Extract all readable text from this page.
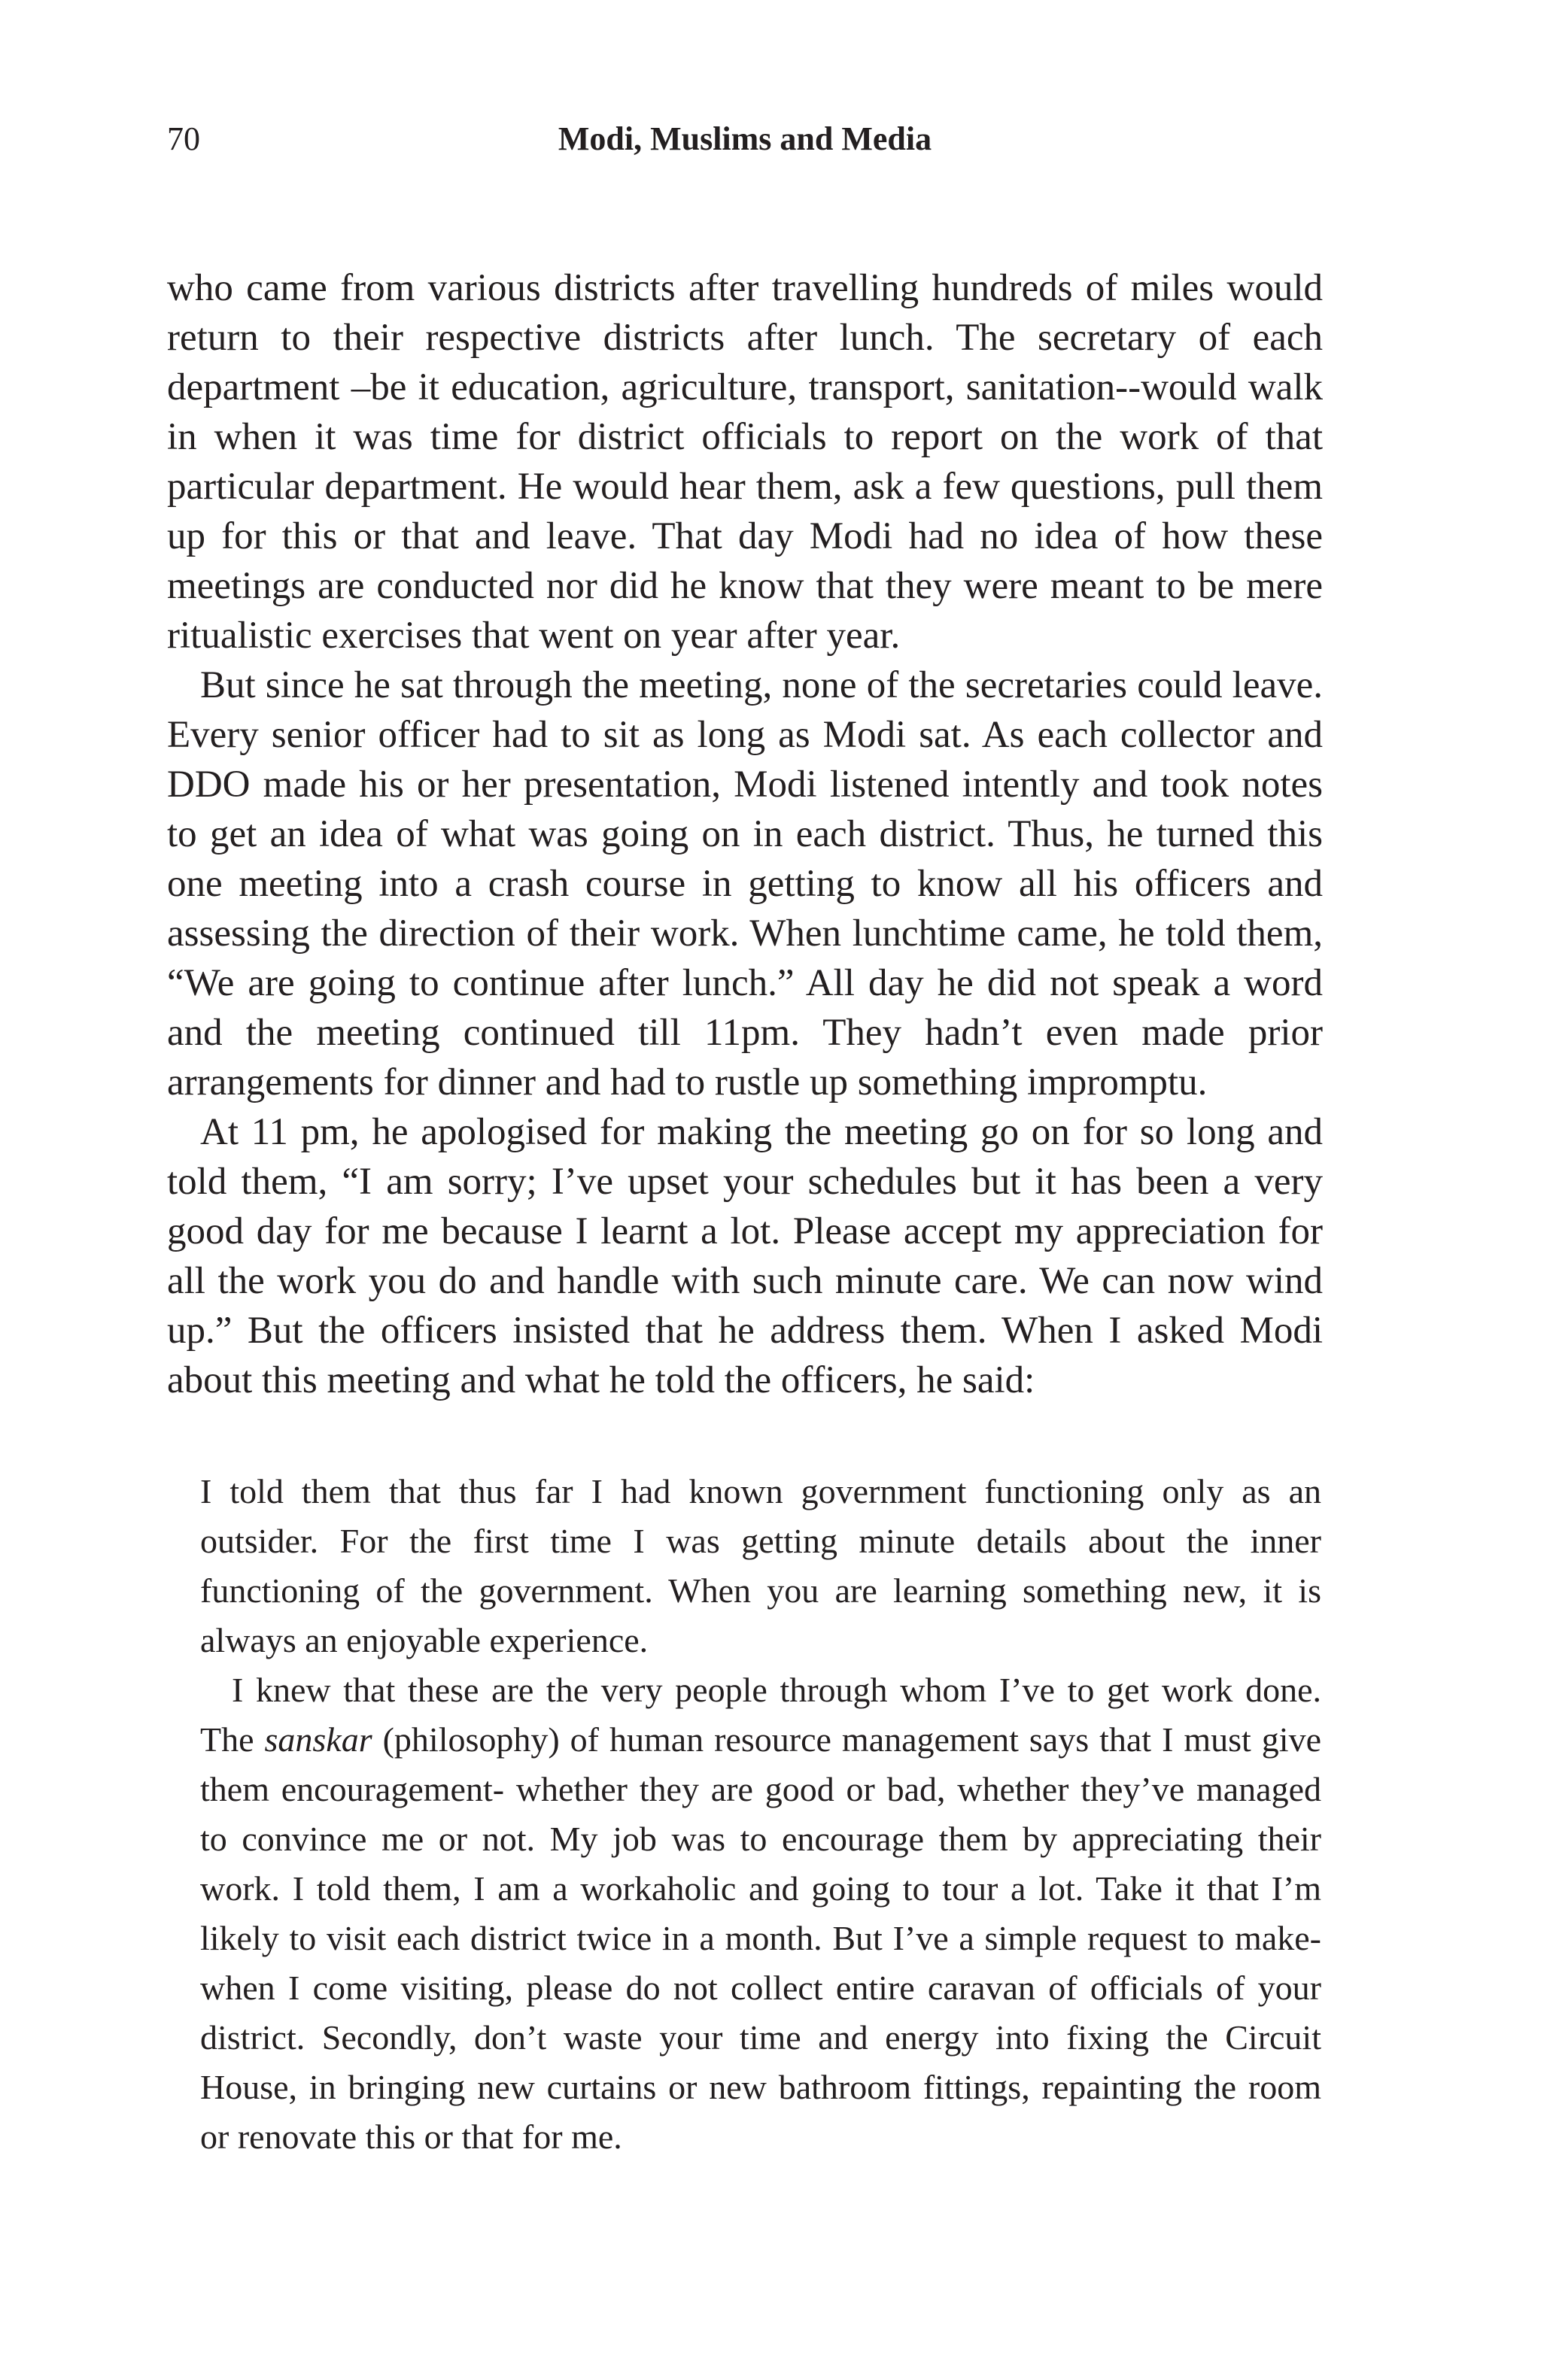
70	Modi, Muslims and Media

who came from various districts after travelling hundreds of miles would return to their respective districts after lunch. The secretary of each department –be it education, agriculture, transport, sanitation--would walk in when it was time for district officials to report on the work of that particular department. He would hear them, ask a few questions, pull them up for this or that and leave. That day Modi had no idea of how these meetings are conducted nor did he know that they were meant to be mere ritualistic exercises that went on year after year.

But since he sat through the meeting, none of the secretaries could leave. Every senior officer had to sit as long as Modi sat. As each collector and DDO made his or her presentation, Modi listened intently and took notes to get an idea of what was going on in each district. Thus, he turned this one meeting into a crash course in getting to know all his officers and assessing the direction of their work. When lunchtime came, he told them, “We are going to continue after lunch.” All day he did not speak a word and the meeting continued till 11pm. They hadn’t even made prior arrangements for dinner and had to rustle up something impromptu.

At 11 pm, he apologised for making the meeting go on for so long and told them, “I am sorry; I’ve upset your schedules but it has been a very good day for me because I learnt a lot. Please accept my appreciation for all the work you do and handle with such minute care. We can now wind up.” But the officers insisted that he address them. When I asked Modi about this meeting and what he told the officers, he said:

I told them that thus far I had known government functioning only as an outsider. For the first time I was getting minute details about the inner functioning of the government. When you are learning something new, it is always an enjoyable experience.

I knew that these are the very people through whom I’ve to get work done. The sanskar (philosophy) of human resource management says that I must give them encouragement- whether they are good or bad, whether they’ve managed to convince me or not. My job was to encourage them by appreciating their work. I told them, I am a workaholic and going to tour a lot. Take it that I’m likely to visit each district twice in a month. But I’ve a simple request to make- when I come visiting, please do not collect entire caravan of officials of your district. Secondly, don’t waste your time and energy into fixing the Circuit House, in bringing new curtains or new bathroom fittings, repainting the room or renovate this or that for me.
